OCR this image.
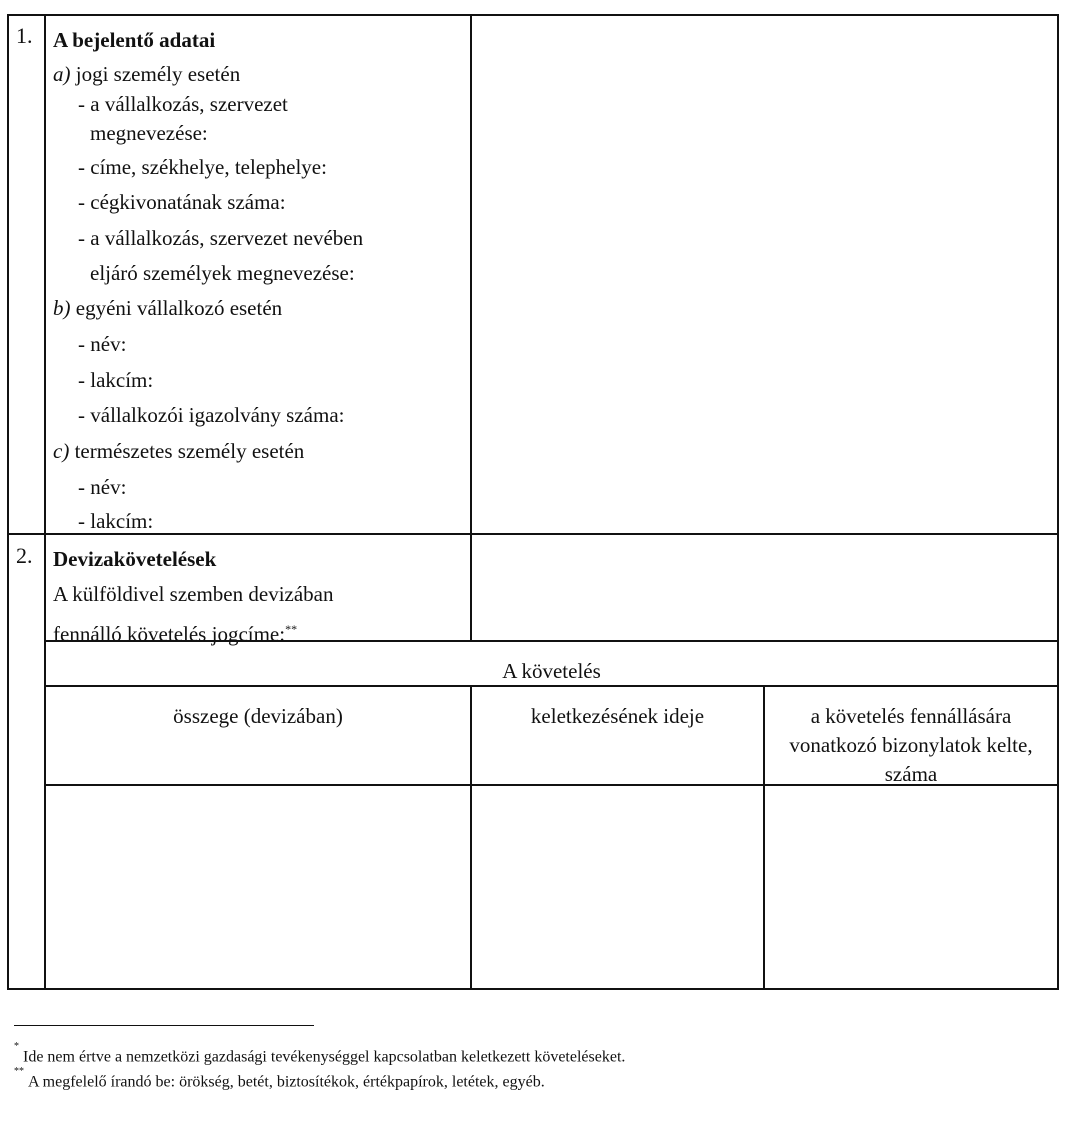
1. A bejelentő adatai
a) jogi személy esetén
- a vállalkozás, szervezet
megnevezése:
- címe, székhelye, telephelye:
- cégkivonatának száma:
- a vállalkozás, szervezet nevében
eljáró személyek megnevezése:
b) egyéni vállalkozó esetén
- név:
- lakcím:
- vállalkozói igazolvány száma:
c) természetes személy esetén
- név:
- lakcím:
2. Devizakövetelések
A külföldivel szemben devizában
fennálló követelés jogcíme:**
A követelés
összege (devizában)	keletkezésének ideje	a követelés fennállására vonatkozó bizonylatok kelte, száma
*Ide nem értve a nemzetközi gazdasági tevékenységgel kapcsolatban keletkezett követeléseket.
**A megfelelő írandó be: örökség, betét, biztosítékok, értékpapírok, letétek, egyéb.
